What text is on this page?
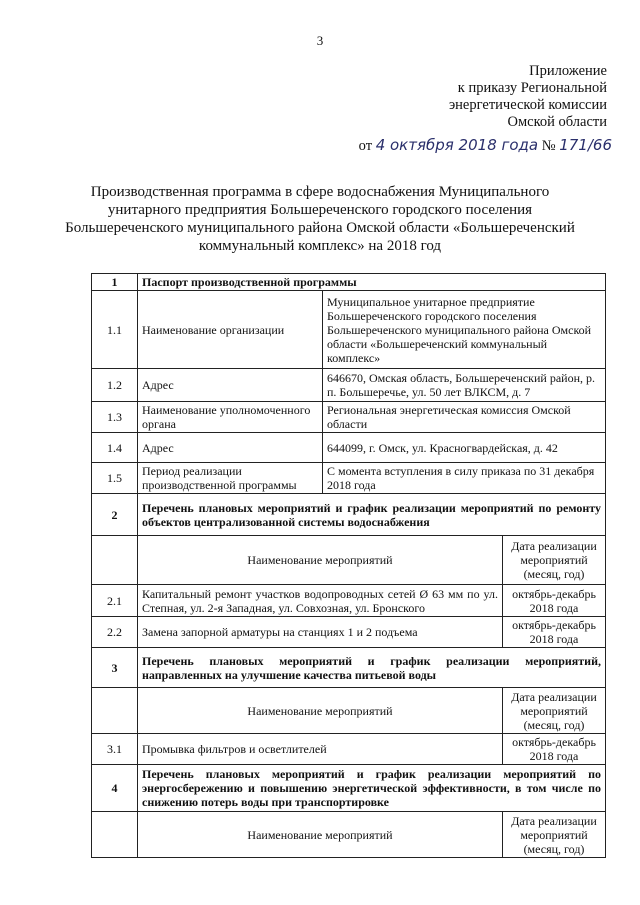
3
Приложение
к приказу Региональной
энергетической комиссии
Омской области
от 4 октября 2018 года № 171/66
Производственная программа в сфере водоснабжения Муниципального унитарного предприятия Большереченского городского поселения Большереченского муниципального района Омской области «Большереченский коммунальный комплекс» на 2018 год
1	Паспорт производственной программы		
1.1	Наименование организации	Муниципальное унитарное предприятие Большереченского городского поселения Большереченского муниципального района Омской области «Большереченский коммунальный комплекс»	
1.2	Адрес	646670, Омская область, Большереченский район, р. п. Большеречье, ул. 50 лет ВЛКСМ, д. 7	
1.3	Наименование уполномоченного органа	Региональная энергетическая комиссия Омской области	
1.4	Адрес	644099, г. Омск, ул. Красногвардейская, д. 42	
1.5	Период реализации производственной программы	С момента вступления в силу приказа по 31 декабря 2018 года	
2	Перечень плановых мероприятий и график реализации мероприятий по ремонту объектов централизованной системы водоснабжения		
	Наименование мероприятий		Дата реализации мероприятий (месяц, год)
2.1	Капитальный ремонт участков водопроводных сетей Ø 63 мм по ул. Степная, ул. 2-я Западная, ул. Совхозная, ул. Бронского		октябрь-декабрь 2018 года
2.2	Замена запорной арматуры на станциях 1 и 2 подъема		октябрь-декабрь 2018 года
3	Перечень плановых мероприятий и график реализации мероприятий, направленных на улучшение качества питьевой воды		
	Наименование мероприятий		Дата реализации мероприятий (месяц, год)
3.1	Промывка фильтров и осветлителей		октябрь-декабрь 2018 года
4	Перечень плановых мероприятий и график реализации мероприятий по энергосбережению и повышению энергетической эффективности, в том числе по снижению потерь воды при транспортировке		
	Наименование мероприятий		Дата реализации мероприятий (месяц, год)
